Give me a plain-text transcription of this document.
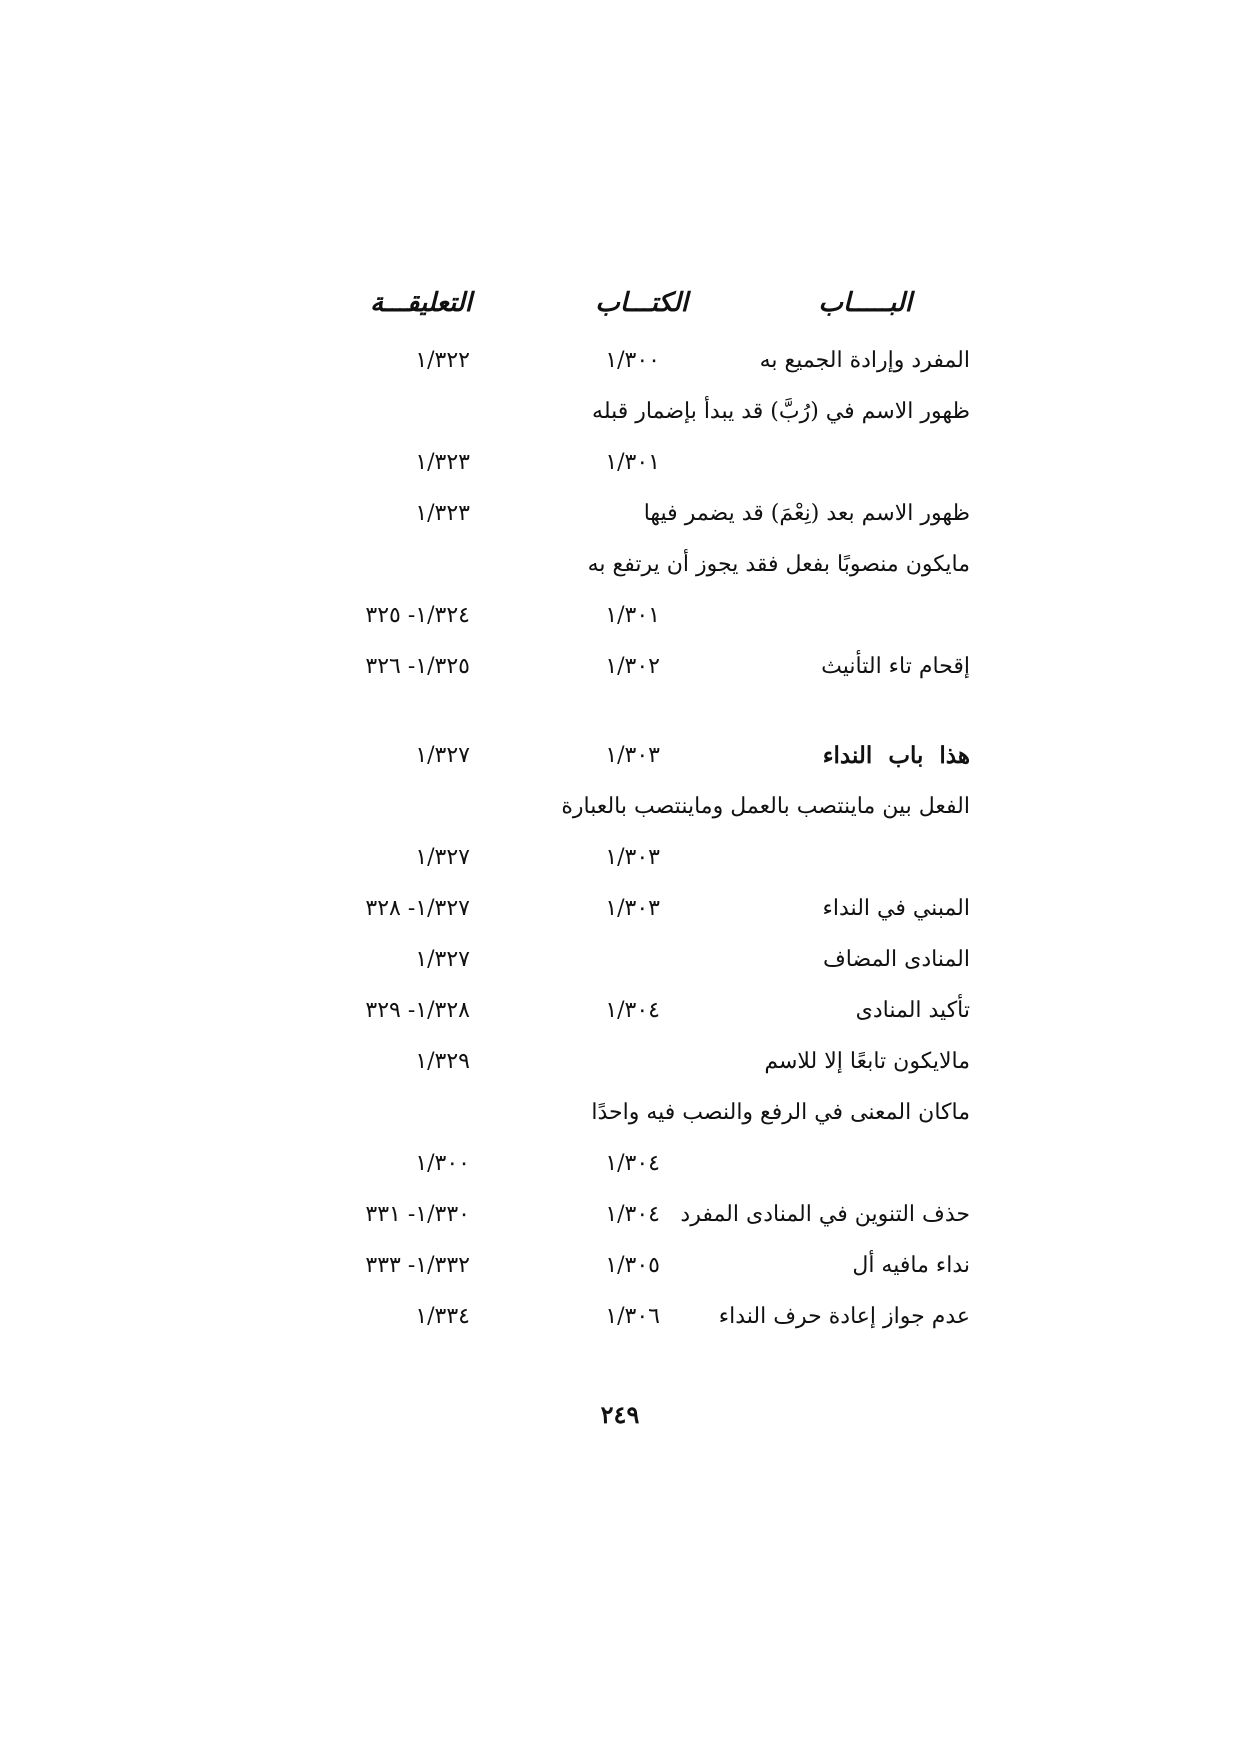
البـــــاب
الكتـــاب
التعليقـــة
المفرد وإرادة الجميع به
١/٣٠٠
١/٣٢٢
ظهور الاسم في (رُبَّ) قد يبدأ بإضمار قبله
١/٣٠١
١/٣٢٣
ظهور الاسم بعد (نِعْمَ) قد يضمر فيها
١/٣٢٣
مايكون منصوبًا بفعل فقد يجوز أن يرتفع به
١/٣٠١
١/٣٢٤- ٣٢٥
إقحام تاء التأنيث
١/٣٠٢
١/٣٢٥- ٣٢٦
هذا باب النداء
١/٣٠٣
١/٣٢٧
الفعل بين ماينتصب بالعمل وماينتصب بالعبارة
١/٣٠٣
١/٣٢٧
المبني في النداء
١/٣٠٣
١/٣٢٧- ٣٢٨
المنادى المضاف
١/٣٢٧
تأكيد المنادى
١/٣٠٤
١/٣٢٨- ٣٢٩
مالايكون تابعًا إلا للاسم
١/٣٢٩
ماكان المعنى في الرفع والنصب فيه واحدًا
١/٣٠٤
١/٣٠٠
حذف التنوين في المنادى المفرد
١/٣٠٤
١/٣٣٠- ٣٣١
نداء مافيه أل
١/٣٠٥
١/٣٣٢- ٣٣٣
عدم جواز إعادة حرف النداء
١/٣٠٦
١/٣٣٤
٢٤٩
